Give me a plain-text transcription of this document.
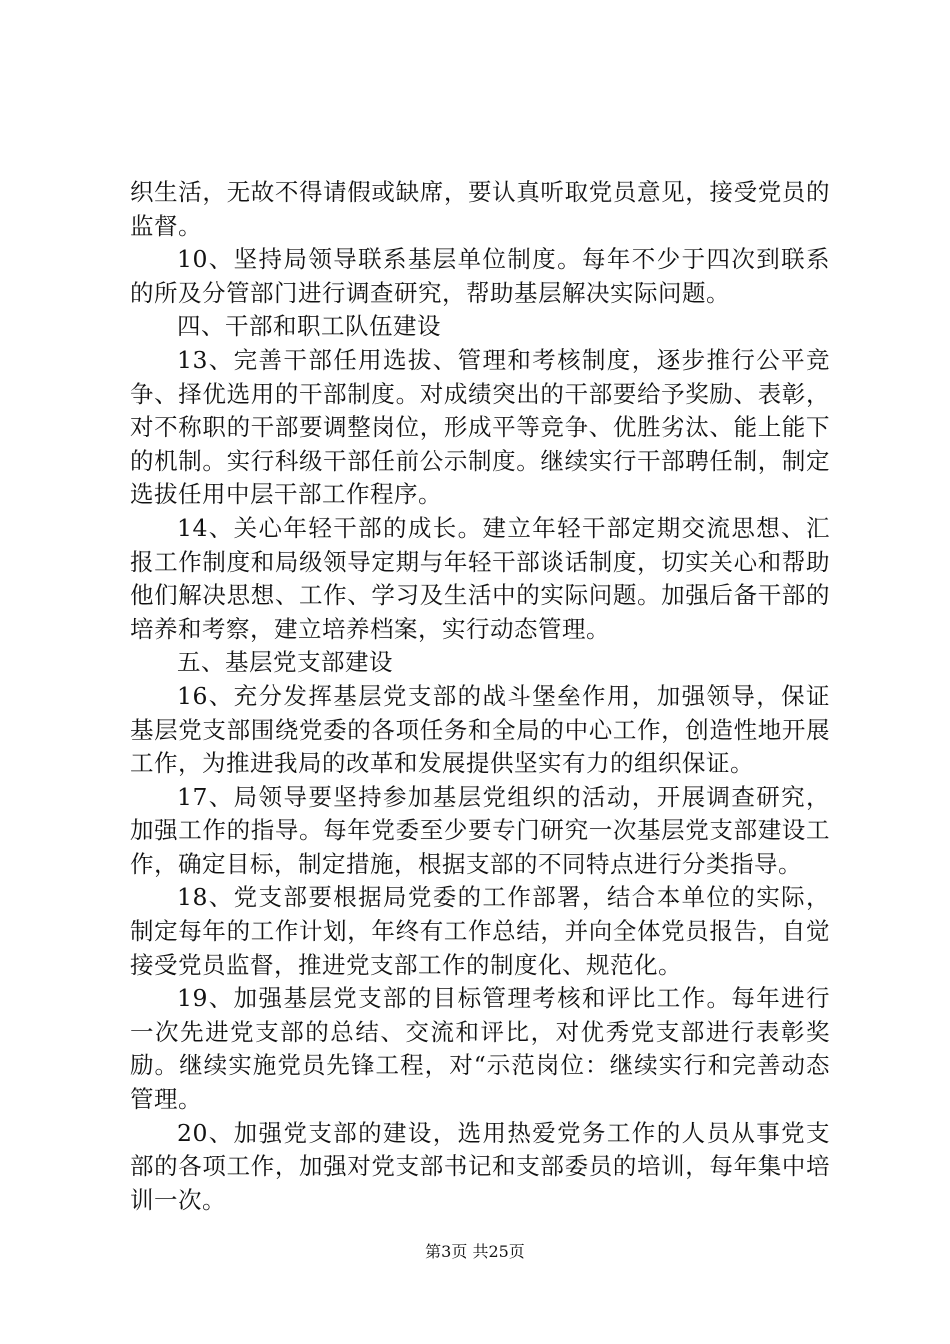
织生活，无故不得请假或缺席，要认真听取党员意见，接受党员的监督。

10、坚持局领导联系基层单位制度。每年不少于四次到联系的所及分管部门进行调查研究，帮助基层解决实际问题。

四、干部和职工队伍建设

13、完善干部任用选拔、管理和考核制度，逐步推行公平竞争、择优选用的干部制度。对成绩突出的干部要给予奖励、表彰，对不称职的干部要调整岗位，形成平等竞争、优胜劣汰、能上能下的机制。实行科级干部任前公示制度。继续实行干部聘任制，制定选拔任用中层干部工作程序。

14、关心年轻干部的成长。建立年轻干部定期交流思想、汇报工作制度和局级领导定期与年轻干部谈话制度，切实关心和帮助他们解决思想、工作、学习及生活中的实际问题。加强后备干部的培养和考察，建立培养档案，实行动态管理。

五、基层党支部建设

16、充分发挥基层党支部的战斗堡垒作用，加强领导，保证基层党支部围绕党委的各项任务和全局的中心工作，创造性地开展工作，为推进我局的改革和发展提供坚实有力的组织保证。

17、局领导要坚持参加基层党组织的活动，开展调查研究，加强工作的指导。每年党委至少要专门研究一次基层党支部建设工作，确定目标，制定措施，根据支部的不同特点进行分类指导。

18、党支部要根据局党委的工作部署，结合本单位的实际，制定每年的工作计划，年终有工作总结，并向全体党员报告，自觉接受党员监督，推进党支部工作的制度化、规范化。

19、加强基层党支部的目标管理考核和评比工作。每年进行一次先进党支部的总结、交流和评比，对优秀党支部进行表彰奖励。继续实施党员先锋工程，对“示范岗位：继续实行和完善动态管理。

20、加强党支部的建设，选用热爱党务工作的人员从事党支部的各项工作，加强对党支部书记和支部委员的培训，每年集中培训一次。

第3页 共25页
